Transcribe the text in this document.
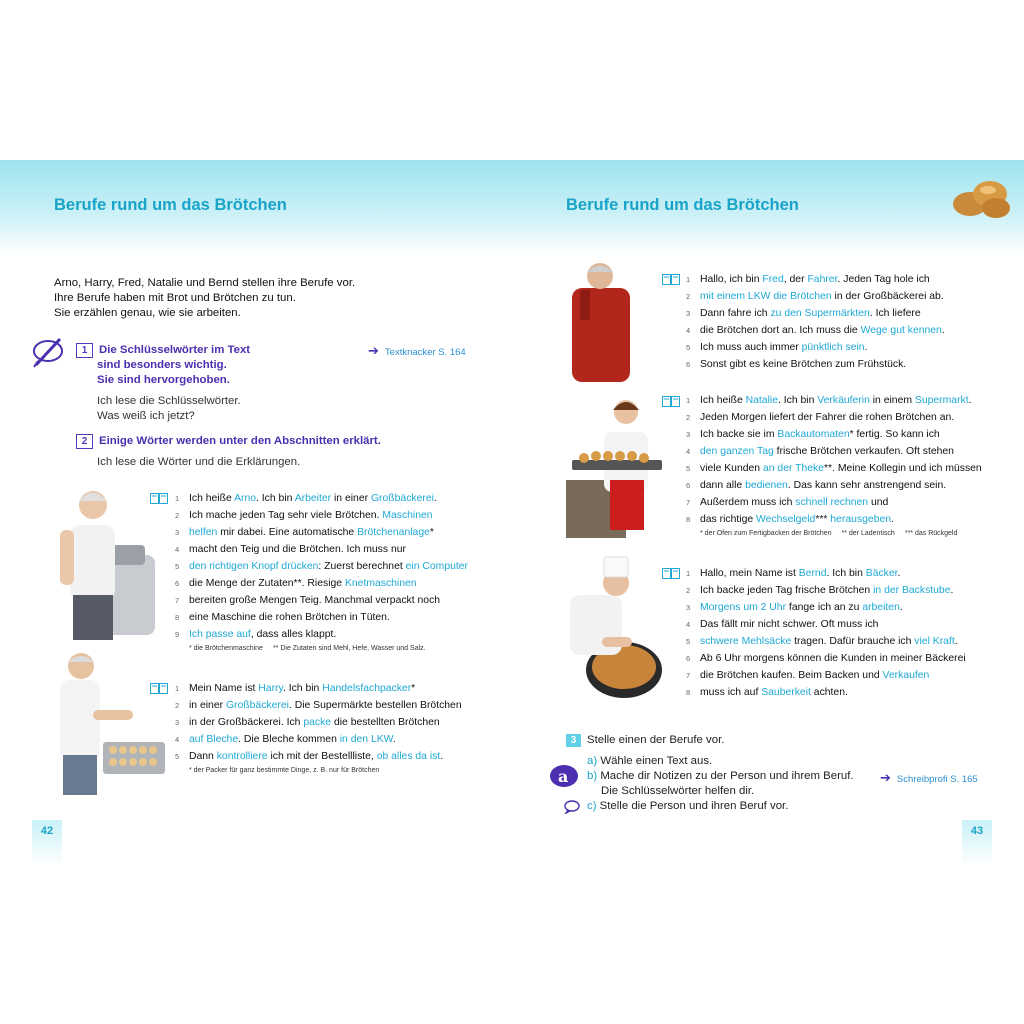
Berufe rund um das Brötchen
Arno, Harry, Fred, Natalie und Bernd stellen ihre Berufe vor.
Ihre Berufe haben mit Brot und Brötchen zu tun.
Sie erzählen genau, wie sie arbeiten.
1 Die Schlüsselwörter im Text
sind besonders wichtig.
Sie sind hervorgehoben.
Ich lese die Schlüsselwörter.
Was weiß ich jetzt?
➔ Textknacker S. 164
2 Einige Wörter werden unter den Abschnitten erklärt.
Ich lese die Wörter und die Erklärungen.
1 Ich heiße Arno. Ich bin Arbeiter in einer Großbäckerei.
2 Ich mache jeden Tag sehr viele Brötchen. Maschinen
3 helfen mir dabei. Eine automatische Brötchenanlage*
4 macht den Teig und die Brötchen. Ich muss nur
5 den richtigen Knopf drücken: Zuerst berechnet ein Computer
6 die Menge der Zutaten**. Riesige Knetmaschinen
7 bereiten große Mengen Teig. Manchmal verpackt noch
8 eine Maschine die rohen Brötchen in Tüten.
9 Ich passe auf, dass alles klappt.
* die Brötchenmaschine ** Die Zutaten sind Mehl, Hefe, Wasser und Salz.
1 Mein Name ist Harry. Ich bin Handelsfachpacker*
2 in einer Großbäckerei. Die Supermärkte bestellen Brötchen
3 in der Großbäckerei. Ich packe die bestellten Brötchen
4 auf Bleche. Die Bleche kommen in den LKW.
5 Dann kontrolliere ich mit der Bestellliste, ob alles da ist.
* der Packer für ganz bestimmte Dinge, z. B. nur für Brötchen
42
Berufe rund um das Brötchen
1 Hallo, ich bin Fred, der Fahrer. Jeden Tag hole ich
2 mit einem LKW die Brötchen in der Großbäckerei ab.
3 Dann fahre ich zu den Supermärkten. Ich liefere
4 die Brötchen dort an. Ich muss die Wege gut kennen.
5 Ich muss auch immer pünktlich sein.
6 Sonst gibt es keine Brötchen zum Frühstück.
1 Ich heiße Natalie. Ich bin Verkäuferin in einem Supermarkt.
2 Jeden Morgen liefert der Fahrer die rohen Brötchen an.
3 Ich backe sie im Backautomaten* fertig. So kann ich
4 den ganzen Tag frische Brötchen verkaufen. Oft stehen
5 viele Kunden an der Theke**. Meine Kollegin und ich müssen
6 dann alle bedienen. Das kann sehr anstrengend sein.
7 Außerdem muss ich schnell rechnen und
8 das richtige Wechselgeld*** herausgeben.
* der Ofen zum Fertigbacken der Brötchen ** der Ladentisch *** das Rückgeld
1 Hallo, mein Name ist Bernd. Ich bin Bäcker.
2 Ich backe jeden Tag frische Brötchen in der Backstube.
3 Morgens um 2 Uhr fange ich an zu arbeiten.
4 Das fällt mir nicht schwer. Oft muss ich
5 schwere Mehlsäcke tragen. Dafür brauche ich viel Kraft.
6 Ab 6 Uhr morgens können die Kunden in meiner Bäckerei
7 die Brötchen kaufen. Beim Backen und Verkaufen
8 muss ich auf Sauberkeit achten.
3 Stelle einen der Berufe vor.
a) Wähle einen Text aus.
b) Mache dir Notizen zu der Person und ihrem Beruf.
Die Schlüsselwörter helfen dir.
c) Stelle die Person und ihren Beruf vor.
a	➔ Schreibprofi S. 165
43
